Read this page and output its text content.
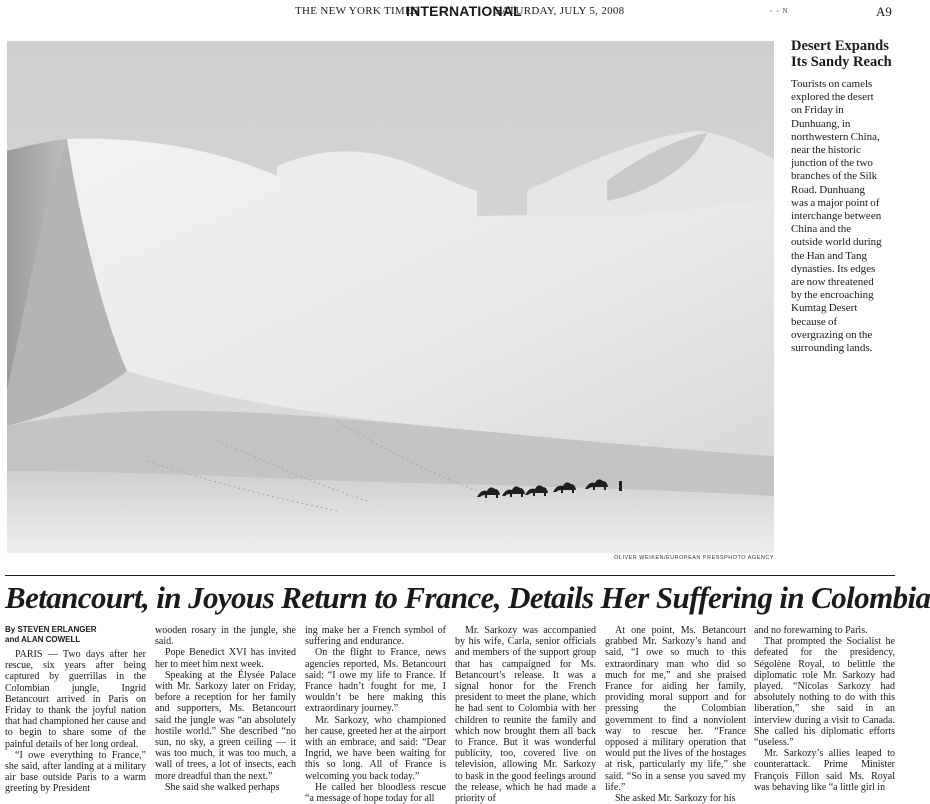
THE NEW YORK TIMES
INTERNATIONAL
SATURDAY, JULY 5, 2008	◦ ◦ N	A9
OLIVER WEIKEN/EUROPEAN PRESSPHOTO AGENCY
Desert Expands Its Sandy Reach
Tourists on camels explored the desert on Friday in Dunhuang, in northwestern China, near the historic junction of the two branches of the Silk Road. Dunhuang was a major point of interchange between China and the outside world during the Han and Tang dynasties. Its edges are now threatened by the encroaching Kumtag Desert because of overgrazing on the surrounding lands.
Betancourt, in Joyous Return to France, Details Her Suffering in Colombia
By STEVEN ERLANGER
and ALAN COWELL

PARIS — Two days after her rescue, six years after being captured by guerrillas in the Colombian jungle, Ingrid Betancourt arrived in Paris on Friday to thank the joyful nation that had championed her cause and to begin to share some of the painful details of her long ordeal.

“I owe everything to France,” she said, after landing at a military air base outside Paris to a warm greeting by President

wooden rosary in the jungle, she said.

Pope Benedict XVI has invited her to meet him next week.

Speaking at the Élysée Palace with Mr. Sarkozy later on Friday, before a reception for her family and supporters, Ms. Betancourt said the jungle was “an absolutely hostile world.” She described “no sun, no sky, a green ceiling — it was too much, it was too much, a wall of trees, a lot of insects, each more dreadful than the next.”

She said she walked perhaps

ing make her a French symbol of suffering and endurance.

On the flight to France, news agencies reported, Ms. Betancourt said: “I owe my life to France. If France hadn’t fought for me, I wouldn’t be here making this extraordinary journey.”

Mr. Sarkozy, who championed her cause, greeted her at the airport with an embrace, and said: “Dear Ingrid, we have been waiting for this so long. All of France is welcoming you back today.”

He called her bloodless rescue “a message of hope today for all

Mr. Sarkozy was accompanied by his wife, Carla, senior officials and members of the support group that has campaigned for Ms. Betancourt’s release. It was a signal honor for the French president to meet the plane, which he had sent to Colombia with her children to reunite the family and which now brought them all back to France. But it was wonderful publicity, too, covered live on television, allowing Mr. Sarkozy to bask in the good feelings around the release, which he had made a priority of

At one point, Ms. Betancourt grabbed Mr. Sarkozy’s hand and said, “I owe so much to this extraordinary man who did so much for me,” and she praised France for aiding her family, providing moral support and for pressing the Colombian government to find a nonviolent way to rescue her. “France opposed a military operation that would put the lives of the hostages at risk, particularly my life,” she said. “So in a sense you saved my life.”

She asked Mr. Sarkozy for his

and no forewarning to Paris.

That prompted the Socialist he defeated for the presidency, Ségolène Royal, to belittle the diplomatic role Mr. Sarkozy had played. “Nicolas Sarkozy had absolutely nothing to do with this liberation,” she said in an interview during a visit to Canada. She called his diplomatic efforts “useless.”

Mr. Sarkozy’s allies leaped to counterattack. Prime Minister François Fillon said Ms. Royal was behaving like “a little girl in
